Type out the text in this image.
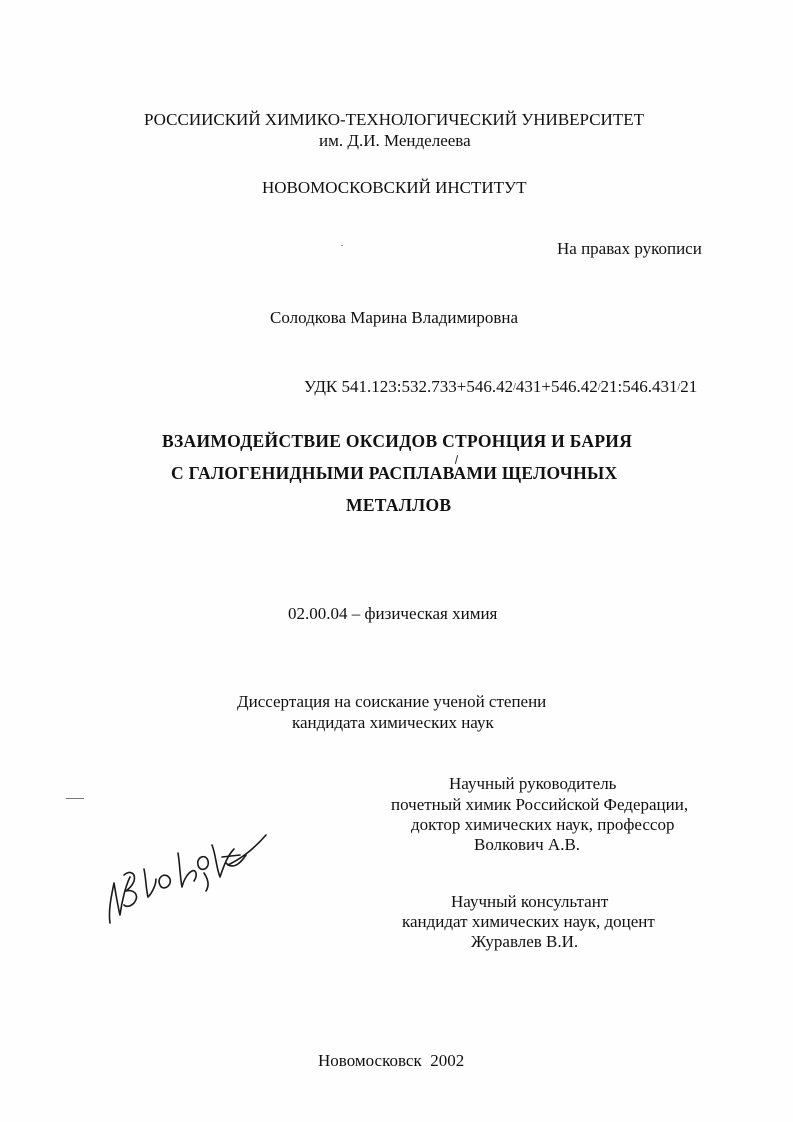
РОССИИСКИЙ ХИМИКО-ТЕХНОЛОГИЧЕСКИЙ УНИВЕРСИТЕТ
им. Д.И. Менделеева
НОВОМОСКОВСКИЙ ИНСТИТУТ
На правах рукописи
Солодкова Марина Владимировна
УДК 541.123:532.733+546.42/431+546.42/21:546.431/21
ВЗАИМОДЕЙСТВИЕ ОКСИДОВ СТРОНЦИЯ И БАРИЯ
С ГАЛОГЕНИДНЫМИ РАСПЛАВАМИ ЩЕЛОЧНЫХ
МЕТАЛЛОВ
02.00.04 – физическая химия
Диссертация на соискание ученой степени
кандидата химических наук
Научный руководитель
почетный химик Российской Федерации,
доктор химических наук, профессор
Волкович А.В.
Научный консультант
кандидат химических наук, доцент
Журавлев В.И.
Новомосковск  2002
